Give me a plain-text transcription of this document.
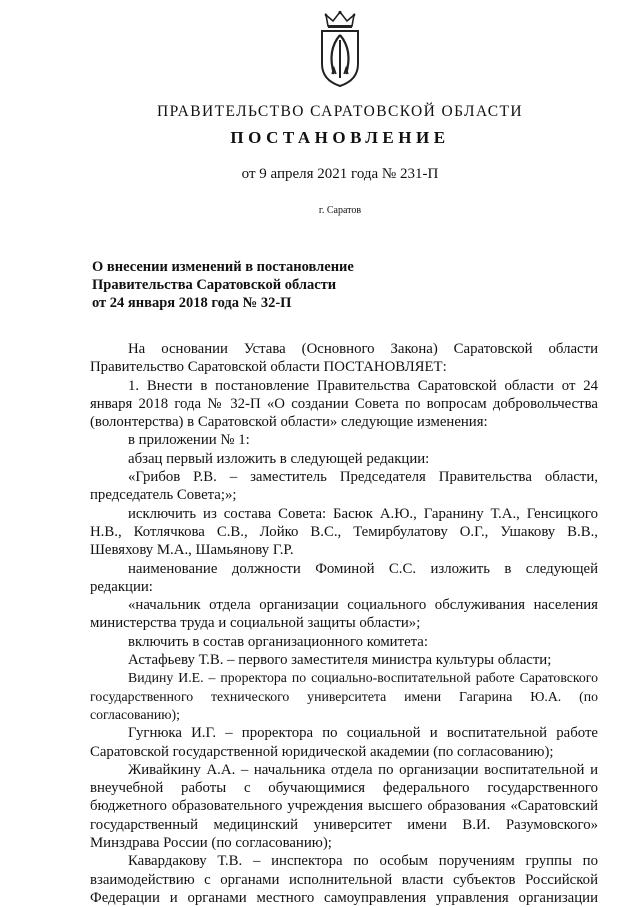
ПРАВИТЕЛЬСТВО САРАТОВСКОЙ ОБЛАСТИ
ПОСТАНОВЛЕНИЕ
от 9 апреля 2021 года № 231-П
г. Саратов
О внесении изменений в постановление
Правительства Саратовской области
от 24 января 2018 года № 32-П

На основании Устава (Основного Закона) Саратовской области Правительство Саратовской области ПОСТАНОВЛЯЕТ:

1. Внести в постановление Правительства Саратовской области от 24 января 2018 года № 32-П «О создании Совета по вопросам добровольчества (волонтерства) в Саратовской области» следующие изменения:

в приложении № 1:

абзац первый изложить в следующей редакции:

«Грибов Р.В. – заместитель Председателя Правительства области, председатель Совета;»;

исключить из состава Совета: Басюк А.Ю., Гаранину Т.А., Генсицкого Н.В., Котлячкова С.В., Лойко В.С., Темирбулатову О.Г., Ушакову В.В., Шевяхову М.А., Шамьянову Г.Р.

наименование должности Фоминой С.С. изложить в следующей редакции:

«начальник отдела организации социального обслуживания населения министерства труда и социальной защиты области»;

включить в состав организационного комитета:

Астафьеву Т.В. – первого заместителя министра культуры области;

Видину И.Е. – проректора по социально-воспитательной работе Саратовского государственного технического университета имени Гагарина Ю.А. (по согласованию);

Гугнюка И.Г. – проректора по социальной и воспитательной работе Саратовской государственной юридической академии (по согласованию);

Живайкину А.А. – начальника отдела по организации воспитательной и внеучебной работы с обучающимися федерального государственного бюджетного образовательного учреждения высшего образования «Саратовский государственный медицинский университет имени В.И. Разумовского» Минздрава России (по согласованию);

Кавардакову Т.В. – инспектора по особым поручениям группы по взаимодействию с органами исполнительной власти субъектов Российской Федерации и органами местного самоуправления управления организации
